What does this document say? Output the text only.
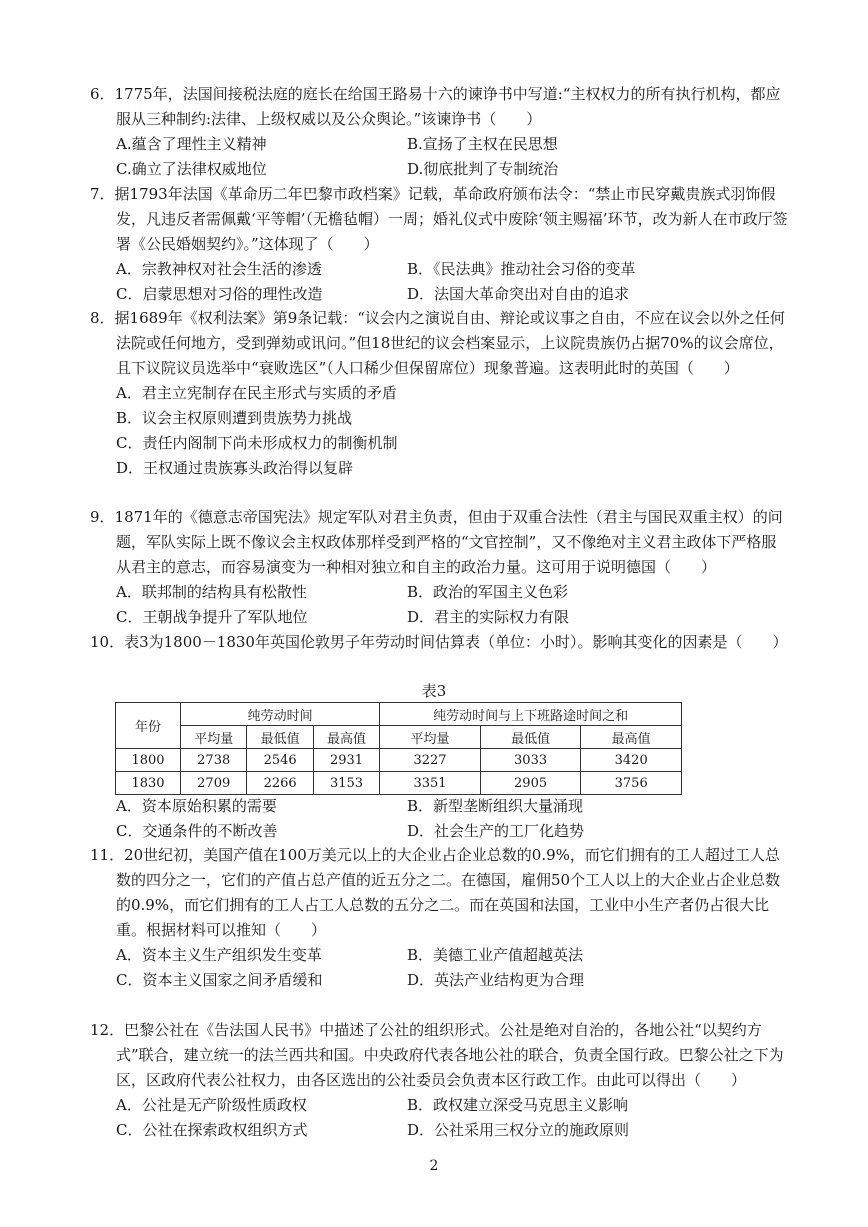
6．1775年，法国间接税法庭的庭长在给国王路易十六的谏诤书中写道:“主权权力的所有执行机构，都应服从三种制约:法律、上级权威以及公众舆论。”该谏诤书（　　）

A.蕴含了理性主义精神	B.宣扬了主权在民思想
C.确立了法律权威地位	D.彻底批判了专制统治

7．据1793年法国《革命历二年巴黎市政档案》记载，革命政府颁布法令：“禁止市民穿戴贵族式羽饰假发，凡违反者需佩戴‘平等帽’（无檐毡帽）一周；婚礼仪式中废除‘领主赐福’环节，改为新人在市政厅签署《公民婚姻契约》。”这体现了（　　）

A．宗教神权对社会生活的渗透	B．《民法典》推动社会习俗的变革
C．启蒙思想对习俗的理性改造	D．法国大革命突出对自由的追求

8．据1689年《权利法案》第9条记载：“议会内之演说自由、辩论或议事之自由，不应在议会以外之任何法院或任何地方，受到弹劾或讯问。”但18世纪的议会档案显示，上议院贵族仍占据70%的议会席位，且下议院议员选举中“衰败选区”（人口稀少但保留席位）现象普遍。这表明此时的英国（　　）

A．君主立宪制存在民主形式与实质的矛盾
B．议会主权原则遭到贵族势力挑战
C．责任内阁制下尚未形成权力的制衡机制
D．王权通过贵族寡头政治得以复辟

9．1871年的《德意志帝国宪法》规定军队对君主负责，但由于双重合法性（君主与国民双重主权）的问题，军队实际上既不像议会主权政体那样受到严格的“文官控制”，又不像绝对主义君主政体下严格服从君主的意志，而容易演变为一种相对独立和自主的政治力量。这可用于说明德国（　　）

A．联邦制的结构具有松散性	B．政治的军国主义色彩
C．王朝战争提升了军队地位	D．君主的实际权力有限

10．表3为1800－1830年英国伦敦男子年劳动时间估算表（单位：小时）。影响其变化的因素是（　　）

表3
年份	纯劳动时间			纯劳动时间与上下班路途时间之和		
	平均量	最低值	最高值	平均量	最低值	最高值
1800	2738	2546	2931	3227	3033	3420
1830	2709	2266	3153	3351	2905	3756
A．资本原始积累的需要	B．新型垄断组织大量涌现
C．交通条件的不断改善	D．社会生产的工厂化趋势

11．20世纪初，美国产值在100万美元以上的大企业占企业总数的0.9%，而它们拥有的工人超过工人总数的四分之一，它们的产值占总产值的近五分之二。在德国，雇佣50个工人以上的大企业占企业总数的0.9%，而它们拥有的工人占工人总数的五分之二。而在英国和法国，工业中小生产者仍占很大比重。根据材料可以推知（　　）

A．资本主义生产组织发生变革	B．美德工业产值超越英法
C．资本主义国家之间矛盾缓和	D．英法产业结构更为合理

12．巴黎公社在《告法国人民书》中描述了公社的组织形式。公社是绝对自治的，各地公社“以契约方式”联合，建立统一的法兰西共和国。中央政府代表各地公社的联合，负责全国行政。巴黎公社之下为区，区政府代表公社权力，由各区选出的公社委员会负责本区行政工作。由此可以得出（　　）

A．公社是无产阶级性质政权	B．政权建立深受马克思主义影响
C．公社在探索政权组织方式	D．公社采用三权分立的施政原则
2
